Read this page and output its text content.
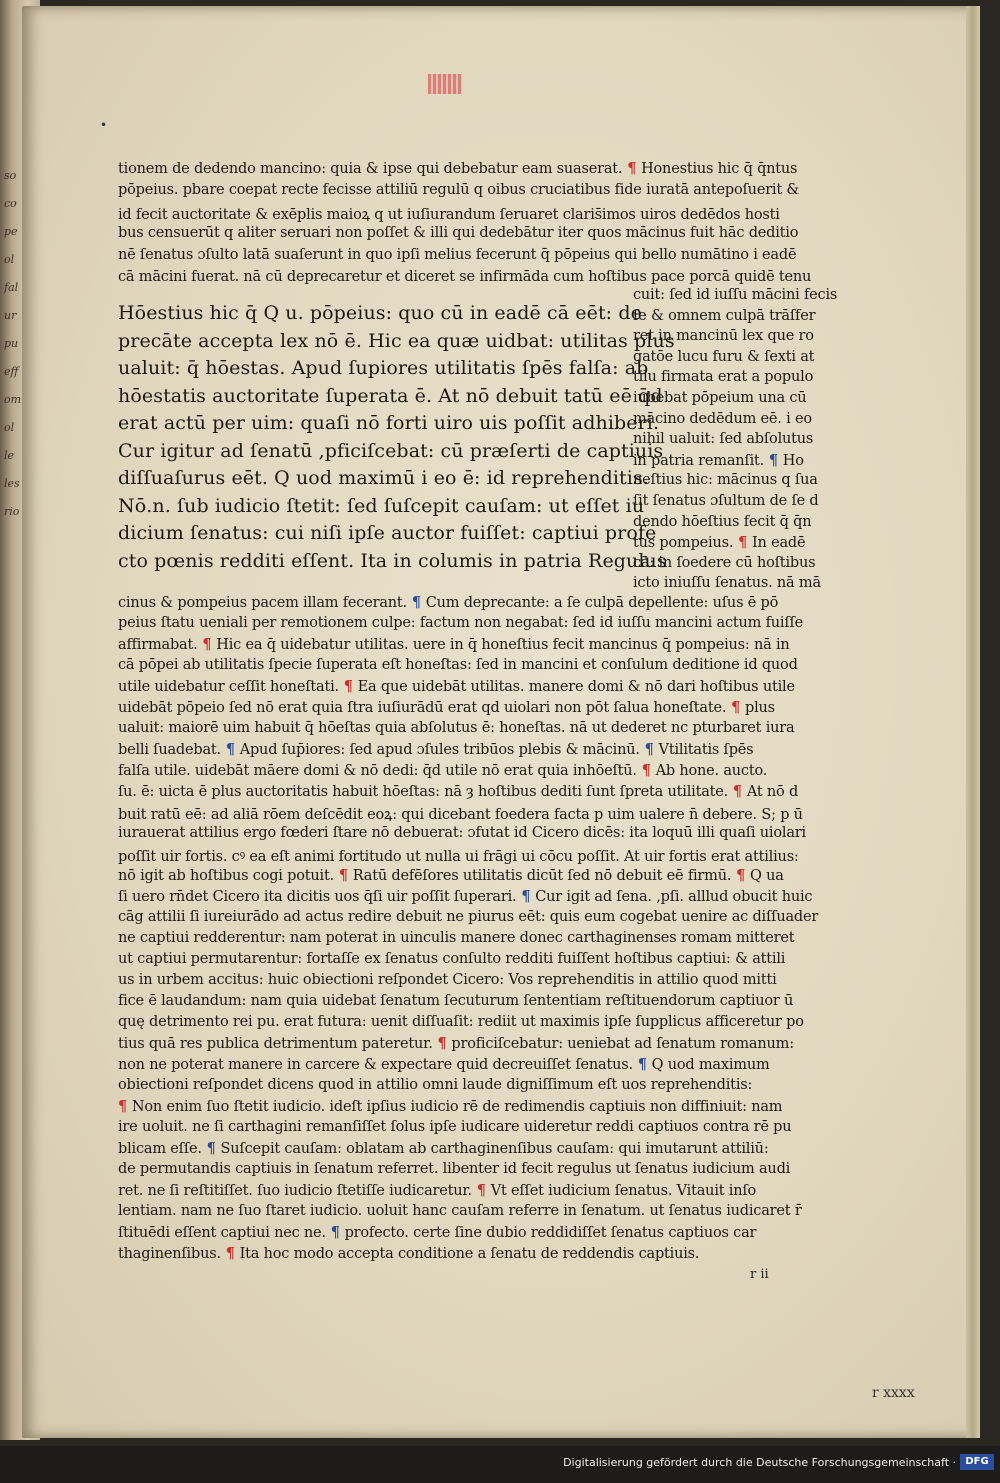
so
co
pe
ol
fal
ur
pu
eff
om
ol
le
les
rio
•
tionem de dedendo mancino: quia & ipse qui debebatur eam suaserat. ¶ Honestius hic q̄ q̄ntus
pōpeius. pbare coepat recte fecisse attiliū regulū q oibus cruciatibus fide iuratā antepoſuerit &
id fecit auctoritate & exēplis maioꝝ q ut iuſiurandum ſeruaret claris̄imos uiros dedēdos hosti
bus censuerūt q aliter seruari non poſſet & illi qui dedebātur iter quos mācinus fuit hāc deditio
nē ſenatus ɔſulto latā suaſerunt in quo ipſi melius fecerunt q̄ pōpeius qui bello numātino i eadē
cā mācini fuerat. nā cū deprecaretur et diceret se infirmāda cum hoſtibus pace porcā quidē tenu
Hōestius hic q̄ Q u. pōpeius: quo cū in eadē cā eēt: de
precāte accepta lex nō ē. Hic ea quæ uidbat: utilitas plus
ualuit: q̄ hōestas. Apud ſupiores utilitatis ſpēs falſa: ab
hōestatis auctoritate ſuperata ē. At nō debuit tatū eē q̄d
erat actū per uim: quaſi nō forti uiro uis poſſit adhiberi.
Cur igitur ad ſenatū ,pficiſcebat: cū præſerti de captiuis
diſſuaſurus eēt. Q uod maximū i eo ē: id reprehenditis.
Nō.n. ſub iudicio ſtetit: ſed ſuſcepit cauſam: ut eſſet iu
dicium ſenatus: cui niſi ipſe auctor fuiſſet: captiui profe
cto pœnis redditi eſſent. Ita in columis in patria Regulus
cuit: ſed id iuſſu mācini fecis
ſe & omnem culpā trāſfer
ret in mancinū lex que ro
gatōe lucu furu & ſexti at
tilu firmata erat a populo
iubebat pōpeium una cū
mācino dedēdum eē. i eo
nihil ualuit: ſed abſolutus
in patria remanſit. ¶ Ho
neſtius hic: mācinus q ſua
ſit ſenatus ɔſultum de ſe d
dendo hōeſtius fecit q̄ q̄n
tus pompeius. ¶ In eadē
cā: in ſoedere cū hoſtibus
icto iniuſſu ſenatus. nā mā
cinus & pompeius pacem illam fecerant. ¶ Cum deprecante: a ſe culpā depellente: uſus ē pō
peius ſtatu ueniali per remotionem culpe: factum non negabat: ſed id iuſſu mancini actum fuiſſe
affirmabat. ¶ Hic ea q̄ uidebatur utilitas. uere in q̄ honeſtius fecit mancinus q̄ pompeius: nā in
cā pōpei ab utilitatis ſpecie ſuperata eſt honeſtas: ſed in mancini et conſulum deditione id quod
utile uidebatur ceſſit honeſtati. ¶ Ea que uidebāt utilitas. manere domi & nō dari hoſtibus utile
uidebāt pōpeio ſed nō erat quia ſtra iuſiurādū erat qd uiolari non pōt ſalua honeſtate. ¶ plus
ualuit: maiorē uim habuit q̄ hōeſtas quia abſolutus ē: honeſtas. nā ut dederet nc pturbaret iura
belli ſuadebat. ¶ Apud ſup̄iores: ſed apud ɔſules tribūos plebis & mācinū. ¶ Vtilitatis ſpēs
falſa utile. uidebāt māere domi & nō dedi: q̄d utile nō erat quia inhōeſtū. ¶ Ab hone. aucto.
ſu. ē: uicta ē plus auctoritatis habuit hōeſtas: nā ȝ hoſtibus dediti ſunt ſpreta utilitate. ¶ At nō d
buit ratū eē: ad aliā rōem deſcēdit eoꝝ: qui dicebant foedera facta p uim ualere n̄ debere. S; p ū
iurauerat attilius ergo fœderi ſtare nō debuerat: ɔfutat id Cicero dicēs: ita loquū illi quaſi uiolari
poſſit uir fortis. cꝰ ea eſt animi fortitudo ut nulla ui frāgi ui cōcu poſſit. At uir fortis erat attilius:
nō igit ab hoſtibus cogi potuit. ¶ Ratū defēſores utilitatis dicūt ſed nō debuit eē firmū. ¶ Q ua
ſi uero rn̄det Cicero ita dicitis uos q̄ſi uir poſſit ſuperari. ¶ Cur igit ad ſena. ,pſi. alllud obucit huic
cāg attilii ſi iureiurādo ad actus redire debuit ne piurus eēt: quis eum cogebat uenire ac diſſuader
ne captiui redderentur: nam poterat in uinculis manere donec carthaginenses romam mitteret
ut captiui permutarentur: fortaſſe ex ſenatus conſulto redditi fuiſſent hoſtibus captiui: & attili
us in urbem accitus: huic obiectioni reſpondet Cicero: Vos reprehenditis in attilio quod mitti
fice ē laudandum: nam quia uidebat ſenatum ſecuturum ſententiam reſtituendorum captiuor ū
quę detrimento rei pu. erat futura: uenit diſſuaſit: rediit ut maximis ipſe ſupplicus afficeretur po
tius quā res publica detrimentum pateretur. ¶ proficiſcebatur: ueniebat ad ſenatum romanum:
non ne poterat manere in carcere & expectare quid decreuiſſet ſenatus. ¶ Q uod maximum
obiectioni reſpondet dicens quod in attilio omni laude digniſſimum eſt uos reprehenditis:
¶ Non enim ſuo ſtetit iudicio. ideſt ipſius iudicio rē de redimendis captiuis non diffiniuit: nam
ire uoluit. ne ſi carthagini remanſiſſet ſolus ipſe iudicare uideretur reddi captiuos contra rē pu
blicam eſſe. ¶ Suſcepit cauſam: oblatam ab carthaginenſibus cauſam: qui imutarunt attiliū:
de permutandis captiuis in ſenatum referret. libenter id fecit regulus ut ſenatus iudicium audi
ret. ne ſi reſtitiſſet. ſuo iudicio ſtetiſſe iudicaretur. ¶ Vt eſſet iudicium ſenatus. Vitauit inſo
lentiam. nam ne ſuo ſtaret iudicio. uoluit hanc cauſam referre in ſenatum. ut ſenatus iudicaret r̄
ſtituēdi eſſent captiui nec ne. ¶ profecto. certe ſine dubio reddidiſſet ſenatus captiuos car
thaginenſibus. ¶ Ita hoc modo accepta conditione a ſenatu de reddendis captiuis.
r ii
r xxxx
Digitalisierung gefördert durch die Deutsche Forschungsgemeinschaft · DFG
